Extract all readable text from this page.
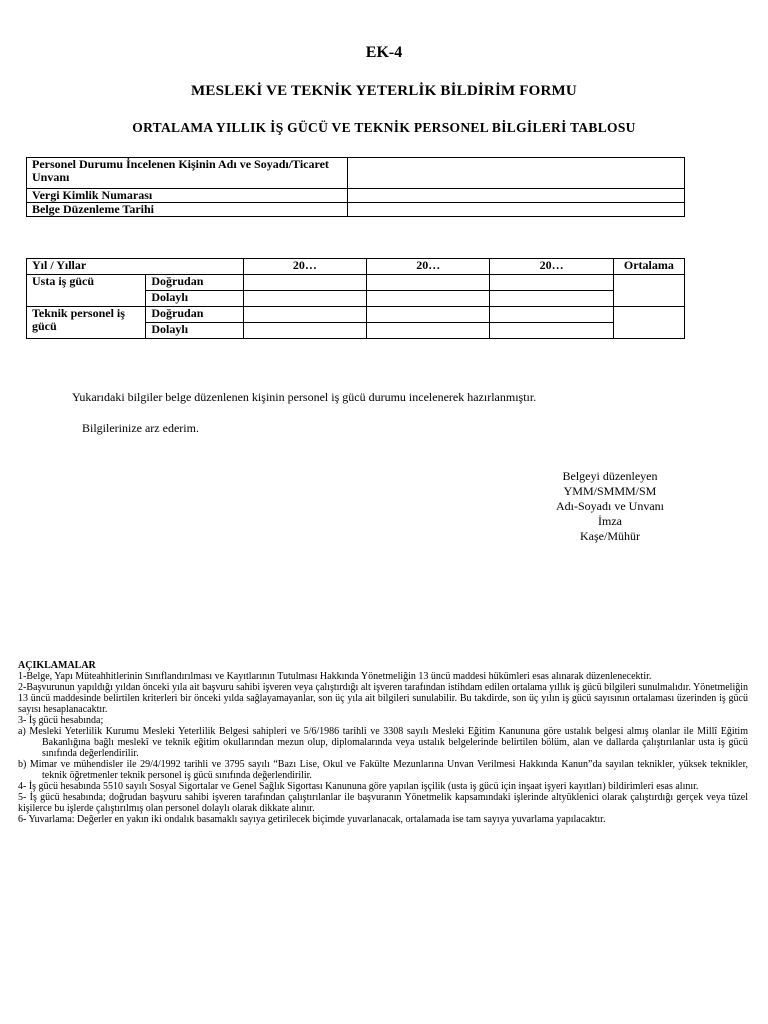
EK-4
MESLEKİ VE TEKNİK YETERLİK BİLDİRİM FORMU
ORTALAMA YILLIK İŞ GÜCÜ VE TEKNİK PERSONEL BİLGİLERİ TABLOSU
Personel Durumu İncelenen Kişinin Adı ve Soyadı/Ticaret Unvanı	
Vergi Kimlik Numarası	
Belge Düzenleme Tarihi	
Yıl / Yıllar		20…	20…	20…	Ortalama
Usta iş gücü	Doğrudan				
	Dolaylı				
Teknik personel iş gücü	Doğrudan				
	Dolaylı				
Yukarıdaki bilgiler belge düzenlenen kişinin personel iş gücü durumu incelenerek hazırlanmıştır.
Bilgilerinize arz ederim.
Belgeyi düzenleyen
YMM/SMMM/SM
Adı-Soyadı ve Unvanı
İmza
Kaşe/Mühür

AÇIKLAMALAR

1-Belge, Yapı Müteahhitlerinin Sınıflandırılması ve Kayıtlarının Tutulması Hakkında Yönetmeliğin 13 üncü maddesi hükümleri esas alınarak düzenlenecektir.

2-Başvurunun yapıldığı yıldan önceki yıla ait başvuru sahibi işveren veya çalıştırdığı alt işveren tarafından istihdam edilen ortalama yıllık iş gücü bilgileri sunulmalıdır. Yönetmeliğin 13 üncü maddesinde belirtilen kriterleri bir önceki yılda sağlayamayanlar, son üç yıla ait bilgileri sunulabilir. Bu takdirde, son üç yılın iş gücü sayısının ortalaması üzerinden iş gücü sayısı hesaplanacaktır.

3- İş gücü hesabında;

a) Mesleki Yeterlilik Kurumu Mesleki Yeterlilik Belgesi sahipleri ve 5/6/1986 tarihli ve 3308 sayılı Mesleki Eğitim Kanununa göre ustalık belgesi almış olanlar ile Millî Eğitim Bakanlığına bağlı meslekî ve teknik eğitim okullarından mezun olup, diplomalarında veya ustalık belgelerinde belirtilen bölüm, alan ve dallarda çalıştırılanlar usta iş gücü sınıfında değerlendirilir.

b) Mimar ve mühendisler ile 29/4/1992 tarihli ve 3795 sayılı “Bazı Lise, Okul ve Fakülte Mezunlarına Unvan Verilmesi Hakkında Kanun”da sayılan teknikler, yüksek teknikler, teknik öğretmenler teknik personel iş gücü sınıfında değerlendirilir.

4- İş gücü hesabında 5510 sayılı Sosyal Sigortalar ve Genel Sağlık Sigortası Kanununa göre yapılan işçilik (usta iş gücü için inşaat işyeri kayıtları) bildirimleri esas alınır.

5- İş gücü hesabında; doğrudan başvuru sahibi işveren tarafından çalıştırılanlar ile başvuranın Yönetmelik kapsamındaki işlerinde altyüklenici olarak çalıştırdığı gerçek veya tüzel kişilerce bu işlerde çalıştırılmış olan personel dolaylı olarak dikkate alınır.

6- Yuvarlama: Değerler en yakın iki ondalık basamaklı sayıya getirilecek biçimde yuvarlanacak, ortalamada ise tam sayıya yuvarlama yapılacaktır.
